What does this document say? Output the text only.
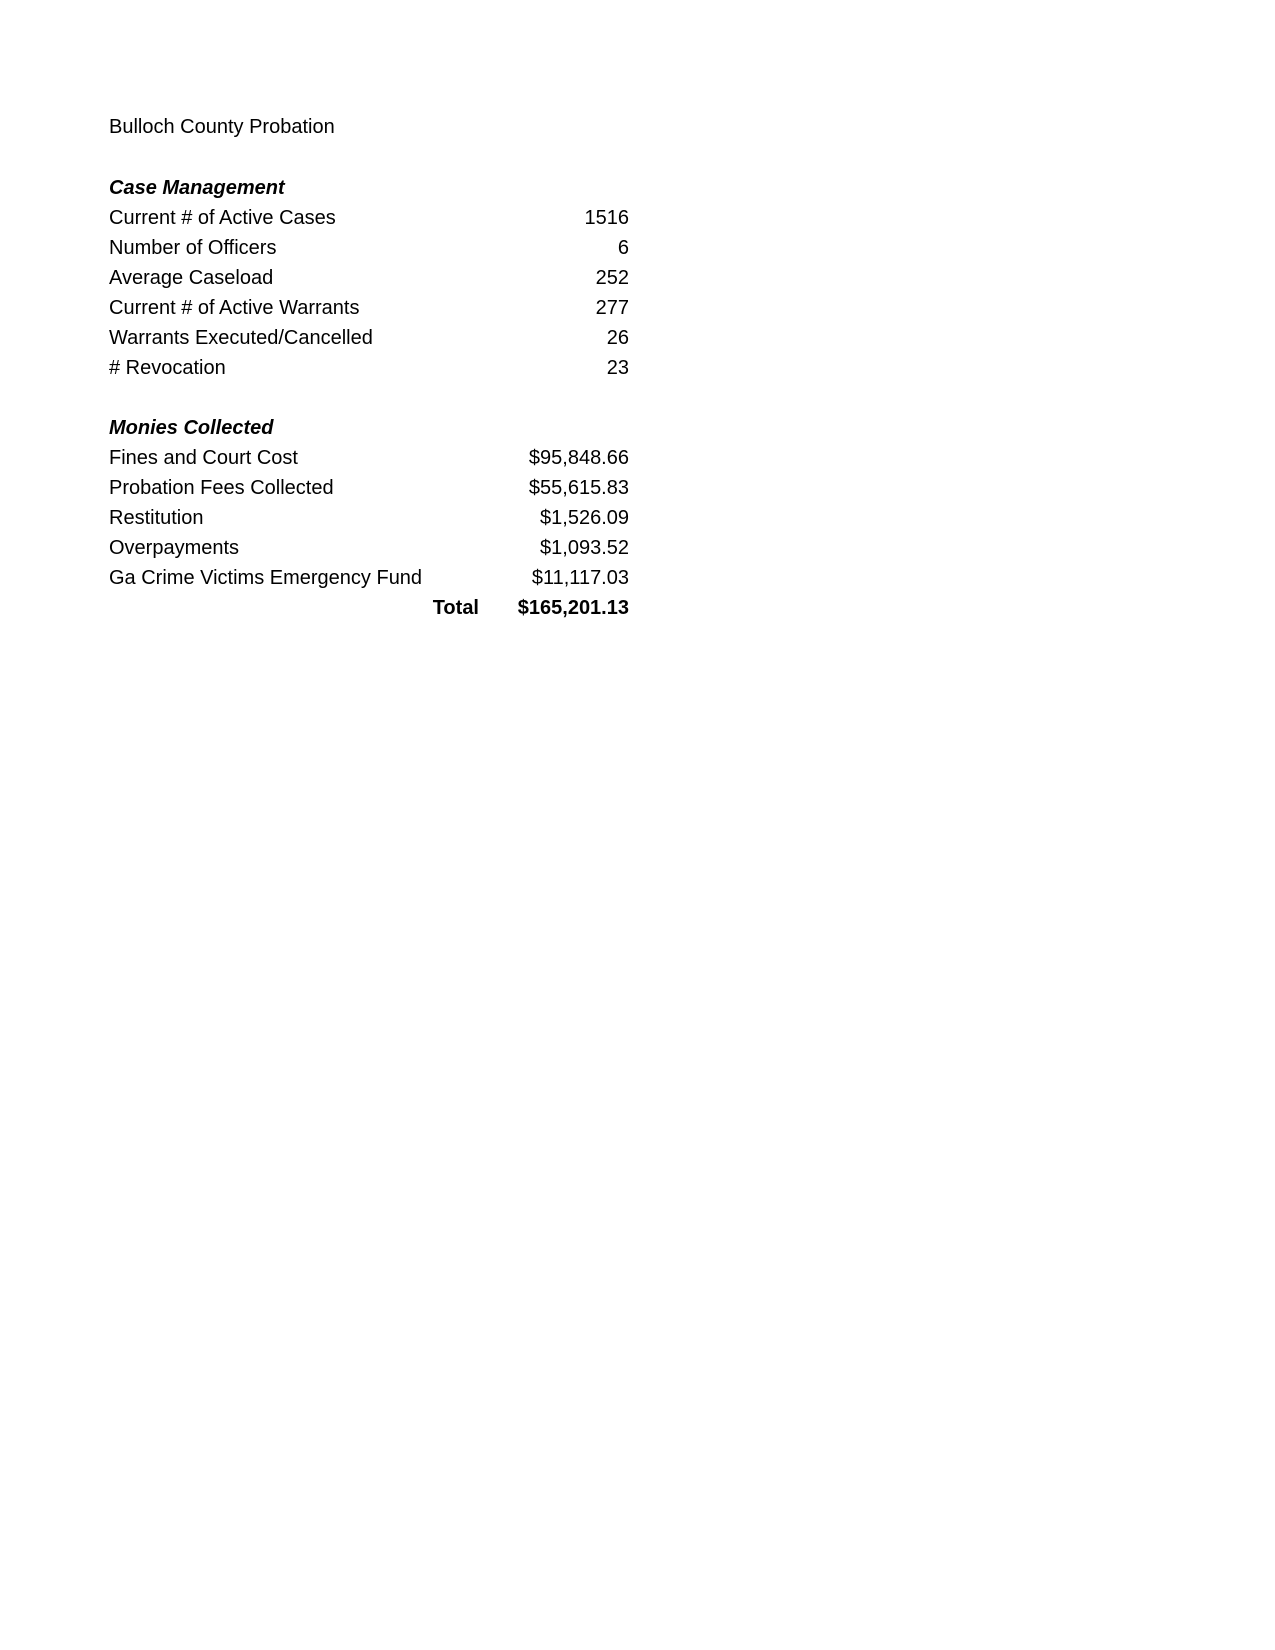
Bulloch County Probation
Case Management
Current # of Active Cases	1516
Number of Officers	6
Average Caseload	252
Current # of Active Warrants	277
Warrants Executed/Cancelled	26
# Revocation	23
Monies Collected
Fines and Court Cost	$95,848.66
Probation Fees Collected	$55,615.83
Restitution	$1,526.09
Overpayments	$1,093.52
Ga Crime Victims Emergency Fund	$11,117.03
Total $165,201.13
